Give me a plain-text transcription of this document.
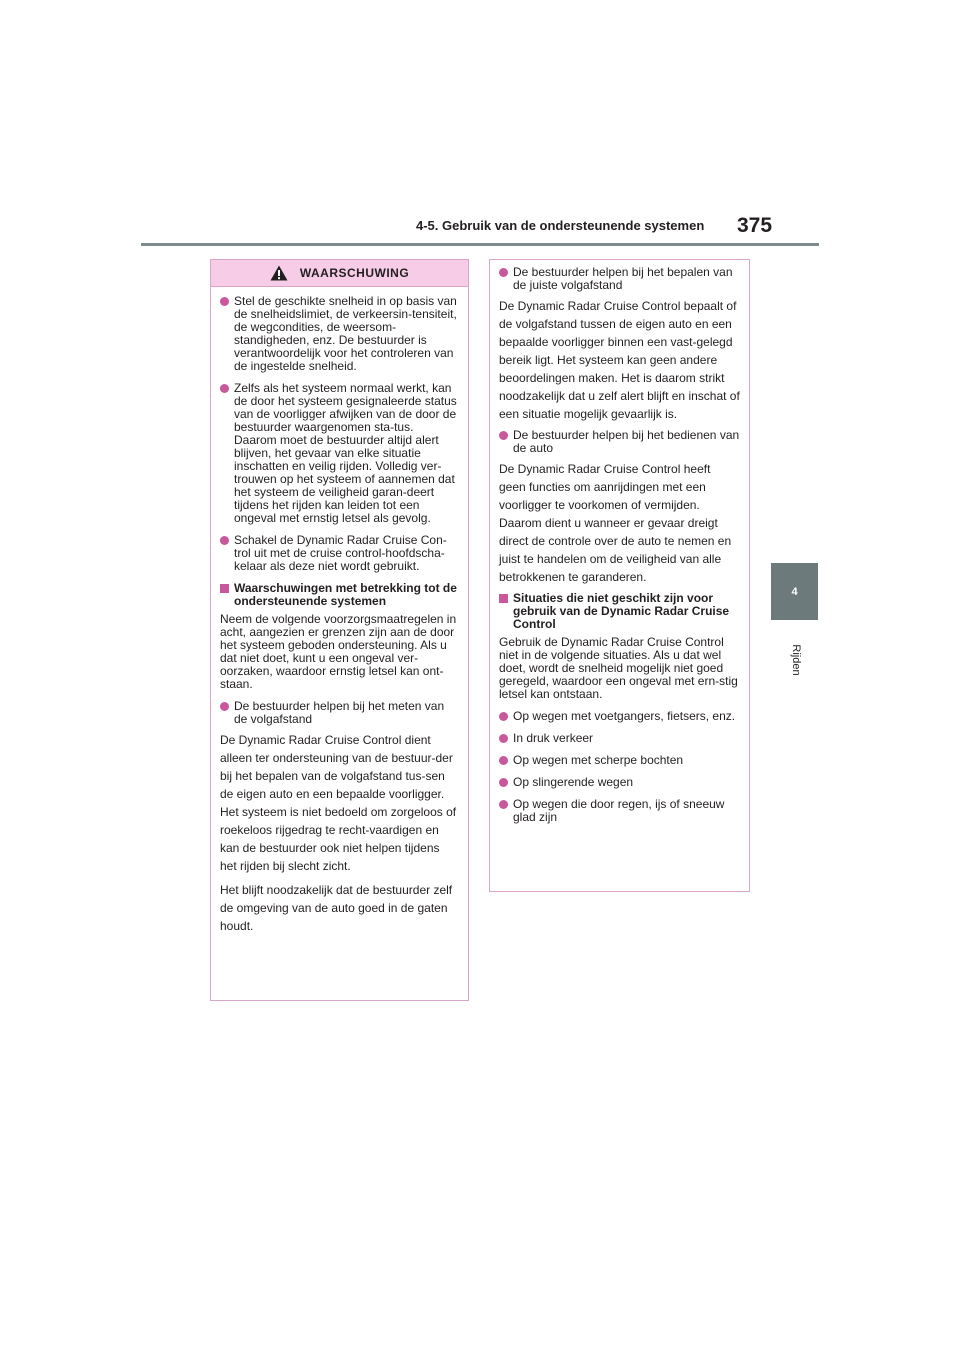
4-5. Gebruik van de ondersteunende systemen 375
4
Rijden
WAARSCHUWING
Stel de geschikte snelheid in op basis van de snelheidslimiet, de verkeersin-tensiteit, de wegcondities, de weersom-standigheden, enz. De bestuurder is verantwoordelijk voor het controleren van de ingestelde snelheid.
Zelfs als het systeem normaal werkt, kan de door het systeem gesignaleerde status van de voorligger afwijken van de door de bestuurder waargenomen sta-tus. Daarom moet de bestuurder altijd alert blijven, het gevaar van elke situatie inschatten en veilig rijden. Volledig ver-trouwen op het systeem of aannemen dat het systeem de veiligheid garan-deert tijdens het rijden kan leiden tot een ongeval met ernstig letsel als gevolg.
Schakel de Dynamic Radar Cruise Con-trol uit met de cruise control-hoofdscha-kelaar als deze niet wordt gebruikt.
Waarschuwingen met betrekking tot de ondersteunende systemen
Neem de volgende voorzorgsmaatregelen in acht, aangezien er grenzen zijn aan de door het systeem geboden ondersteuning. Als u dat niet doet, kunt u een ongeval ver-oorzaken, waardoor ernstig letsel kan ont-staan.
De bestuurder helpen bij het meten van de volgafstand
De Dynamic Radar Cruise Control dient alleen ter ondersteuning van de bestuur-der bij het bepalen van de volgafstand tus-sen de eigen auto en een bepaalde voorligger. Het systeem is niet bedoeld om zorgeloos of roekeloos rijgedrag te recht-vaardigen en kan de bestuurder ook niet helpen tijdens het rijden bij slecht zicht.
Het blijft noodzakelijk dat de bestuurder zelf de omgeving van de auto goed in de gaten houdt.
De bestuurder helpen bij het bepalen van de juiste volgafstand
De Dynamic Radar Cruise Control bepaalt of de volgafstand tussen de eigen auto en een bepaalde voorligger binnen een vast-gelegd bereik ligt. Het systeem kan geen andere beoordelingen maken. Het is daarom strikt noodzakelijk dat u zelf alert blijft en inschat of een situatie mogelijk gevaarlijk is.
De bestuurder helpen bij het bedienen van de auto
De Dynamic Radar Cruise Control heeft geen functies om aanrijdingen met een voorligger te voorkomen of vermijden. Daarom dient u wanneer er gevaar dreigt direct de controle over de auto te nemen en juist te handelen om de veiligheid van alle betrokkenen te garanderen.
Situaties die niet geschikt zijn voor gebruik van de Dynamic Radar Cruise Control
Gebruik de Dynamic Radar Cruise Control niet in de volgende situaties. Als u dat wel doet, wordt de snelheid mogelijk niet goed geregeld, waardoor een ongeval met ern-stig letsel kan ontstaan.
Op wegen met voetgangers, fietsers, enz.
In druk verkeer
Op wegen met scherpe bochten
Op slingerende wegen
Op wegen die door regen, ijs of sneeuw glad zijn
